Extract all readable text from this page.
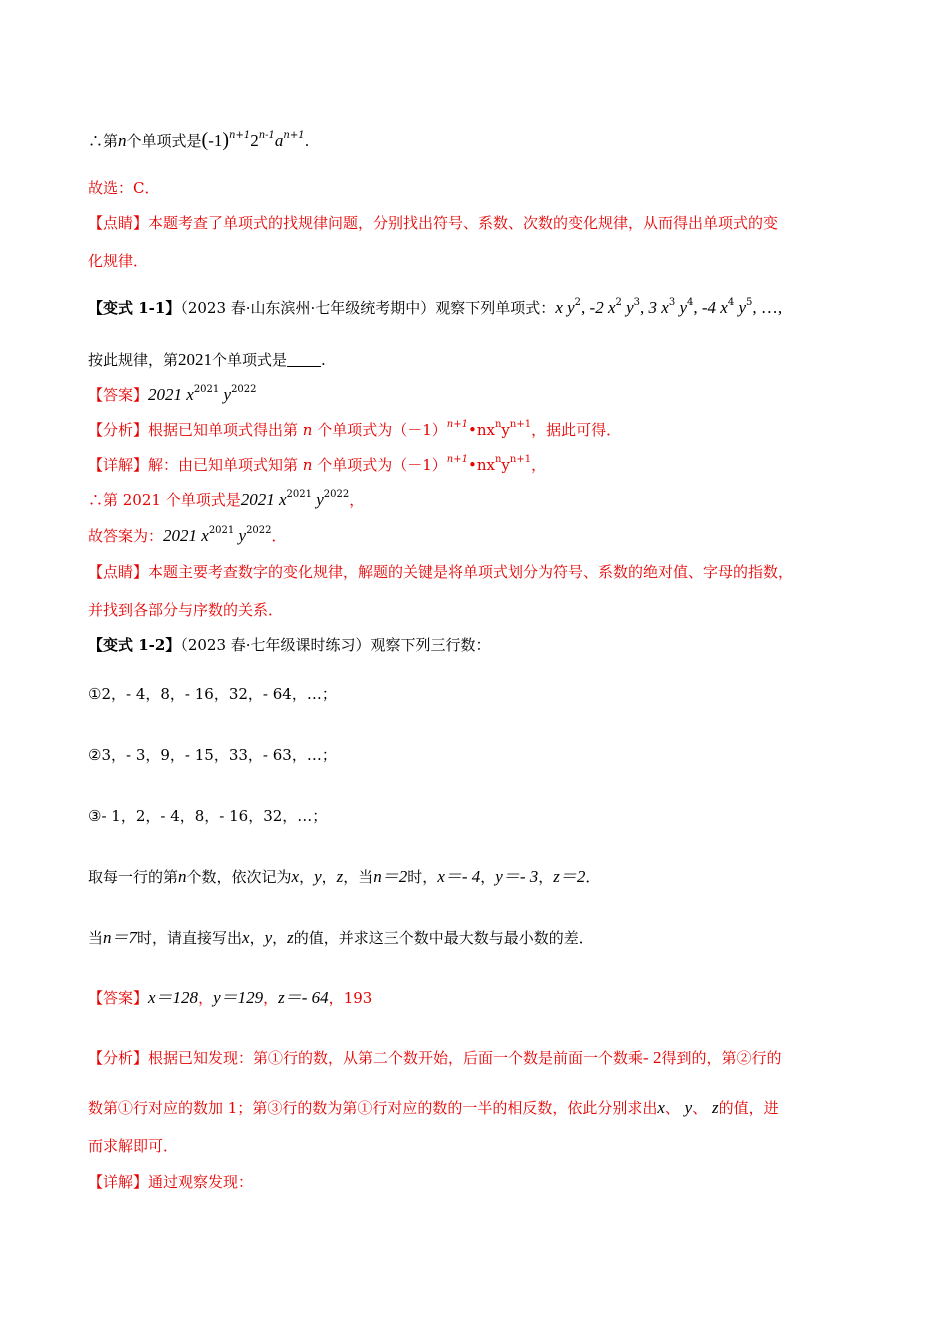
∴第n个单项式是$(-1)^{n+1}2^{n-1}a^{n+1}$.
故选：C．
【点睛】本题考查了单项式的找规律问题，分别找出符号、系数、次数的变化规律，从而得出单项式的变
化规律．
【变式 1-1】（2023 春·山东滨州·七年级统考期中）观察下列单项式：x $y^2$, -2 $x^2$ $y^3$, 3 $x^3$ $y^4$, -4 $x^4$ $y^5$, …,
按此规律，第2021个单项式是 .
【答案】2021 $x^{2021}$ $y^{2022}$
【分析】根据已知单项式得出第 n 个单项式为$(-1)^{n+1}•nx^ny^{n+1}$，据此可得．
【详解】解：由已知单项式知第 n 个单项式为$(-1)^{n+1}•nx^ny^{n+1}$，
∴第 2021 个单项式是2021 $x^{2021}$ $y^{2022}$，
故答案为：2021 $x^{2021}$ $y^{2022}$．
【点睛】本题主要考查数字的变化规律，解题的关键是将单项式划分为符号、系数的绝对值、字母的指数，
并找到各部分与序数的关系．
【变式 1-2】（2023 春·七年级课时练习）观察下列三行数：
①2，- 4，8，- 16，32，- 64，…；
②3，- 3，9，- 15，33，- 63，…；
③- 1，2，- 4，8，- 16，32，…；
取每一行的第n个数，依次记为x，y，z，当n＝2时，x＝- 4，y＝- 3，z＝2．
当n＝7时，请直接写出x，y，z的值，并求这三个数中最大数与最小数的差．
【答案】x＝128，y＝129，z＝- 64，193
【分析】根据已知发现：第①行的数，从第二个数开始，后面一个数是前面一个数乘- 2得到的，第②行的
数第①行对应的数加 1；第③行的数为第①行对应的数的一半的相反数，依此分别求出x、 y、 z的值，进
而求解即可．
【详解】通过观察发现：
